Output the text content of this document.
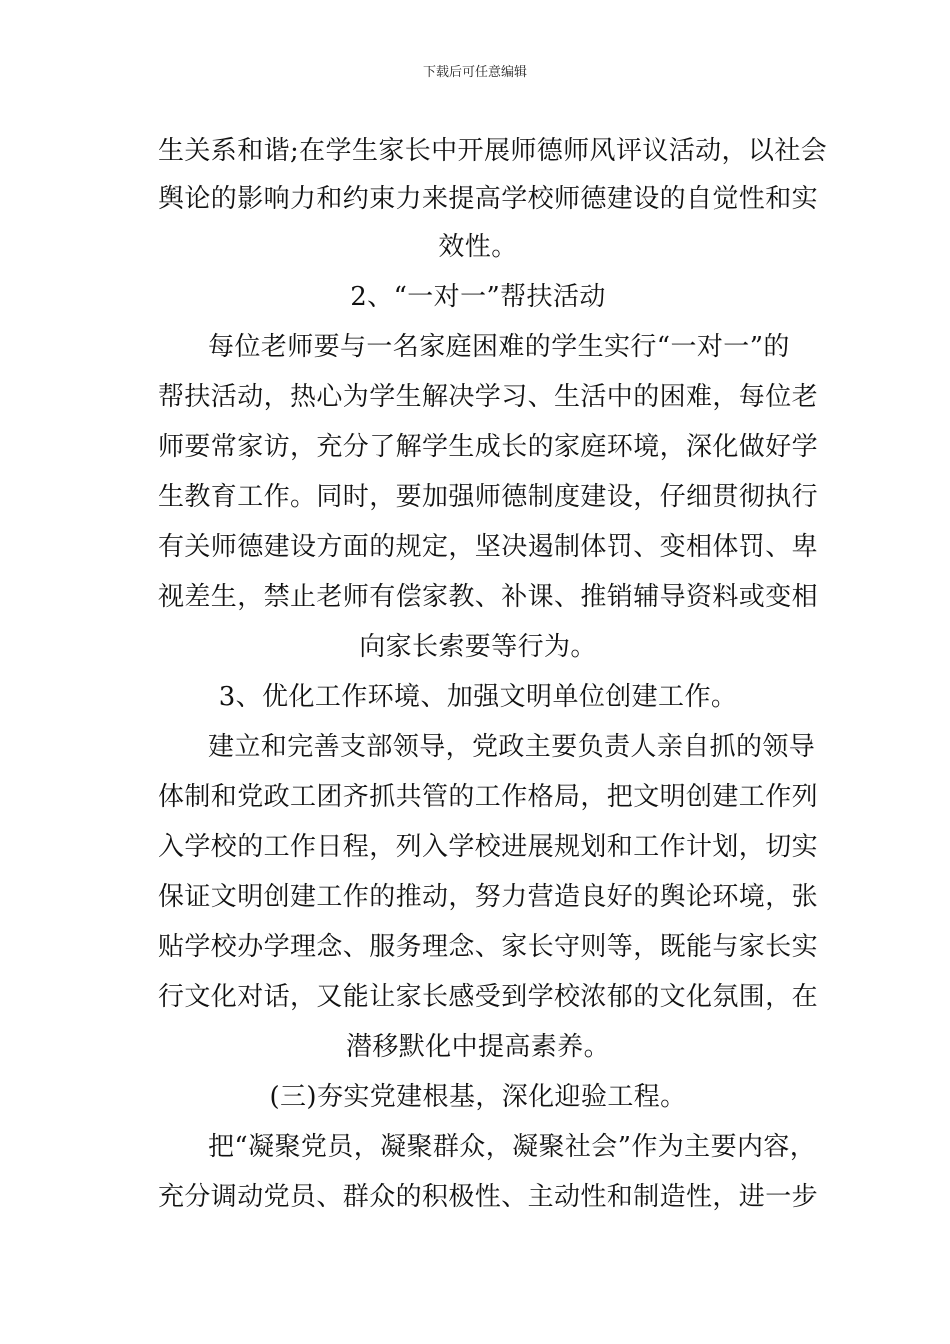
下载后可任意编辑
生关系和谐;在学生家长中开展师德师风评议活动，以社会
舆论的影响力和约束力来提高学校师德建设的自觉性和实
效性。
2、“一对一”帮扶活动
每位老师要与一名家庭困难的学生实行“一对一”的
帮扶活动，热心为学生解决学习、生活中的困难，每位老
师要常家访，充分了解学生成长的家庭环境，深化做好学
生教育工作。同时，要加强师德制度建设，仔细贯彻执行
有关师德建设方面的规定，坚决遏制体罚、变相体罚、卑
视差生，禁止老师有偿家教、补课、推销辅导资料或变相
向家长索要等行为。
3、优化工作环境、加强文明单位创建工作。
建立和完善支部领导，党政主要负责人亲自抓的领导
体制和党政工团齐抓共管的工作格局，把文明创建工作列
入学校的工作日程，列入学校进展规划和工作计划，切实
保证文明创建工作的推动，努力营造良好的舆论环境，张
贴学校办学理念、服务理念、家长守则等，既能与家长实
行文化对话，又能让家长感受到学校浓郁的文化氛围，在
潜移默化中提高素养。
(三)夯实党建根基，深化迎验工程。
把“凝聚党员，凝聚群众，凝聚社会”作为主要内容，
充分调动党员、群众的积极性、主动性和制造性，进一步
